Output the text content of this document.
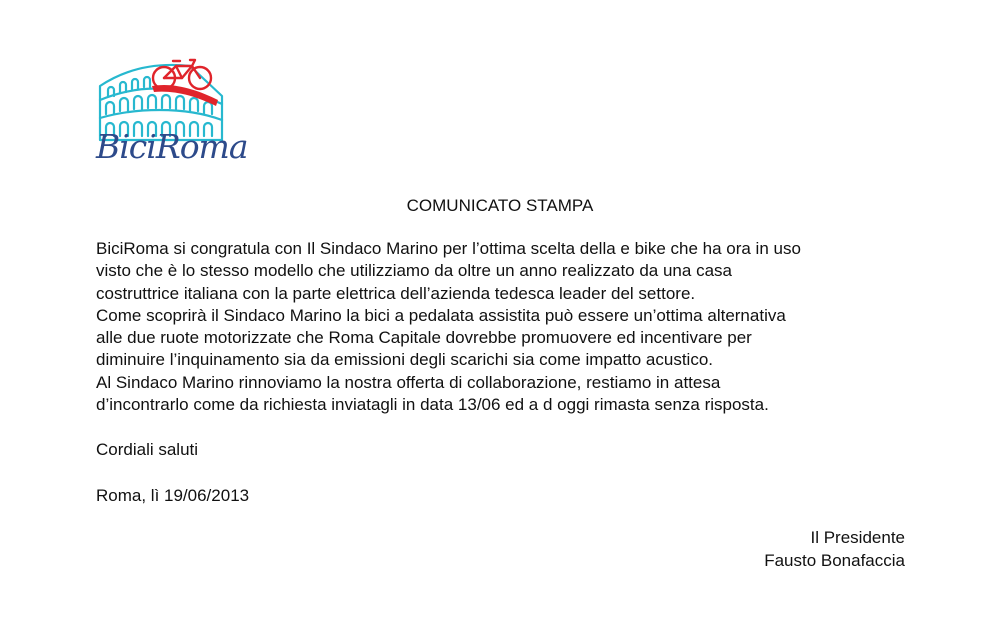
BiciRoma
COMUNICATO STAMPA
BiciRoma si congratula con Il Sindaco Marino per l’ottima scelta della e bike che ha ora in uso
visto che è lo stesso modello che utilizziamo da oltre un anno realizzato da una casa
costruttrice italiana con la parte elettrica dell’azienda tedesca leader del settore.
Come scoprirà il Sindaco Marino la bici a pedalata assistita può essere un’ottima alternativa
alle due ruote motorizzate che Roma Capitale dovrebbe promuovere ed incentivare per
diminuire l’inquinamento sia da emissioni degli scarichi sia come impatto acustico.
Al Sindaco Marino rinnoviamo la nostra offerta di collaborazione, restiamo in attesa
d’incontrarlo come da richiesta inviatagli in data 13/06 ed a d oggi rimasta senza risposta.
Cordiali saluti
Roma, lì 19/06/2013
Il Presidente
Fausto Bonafaccia
